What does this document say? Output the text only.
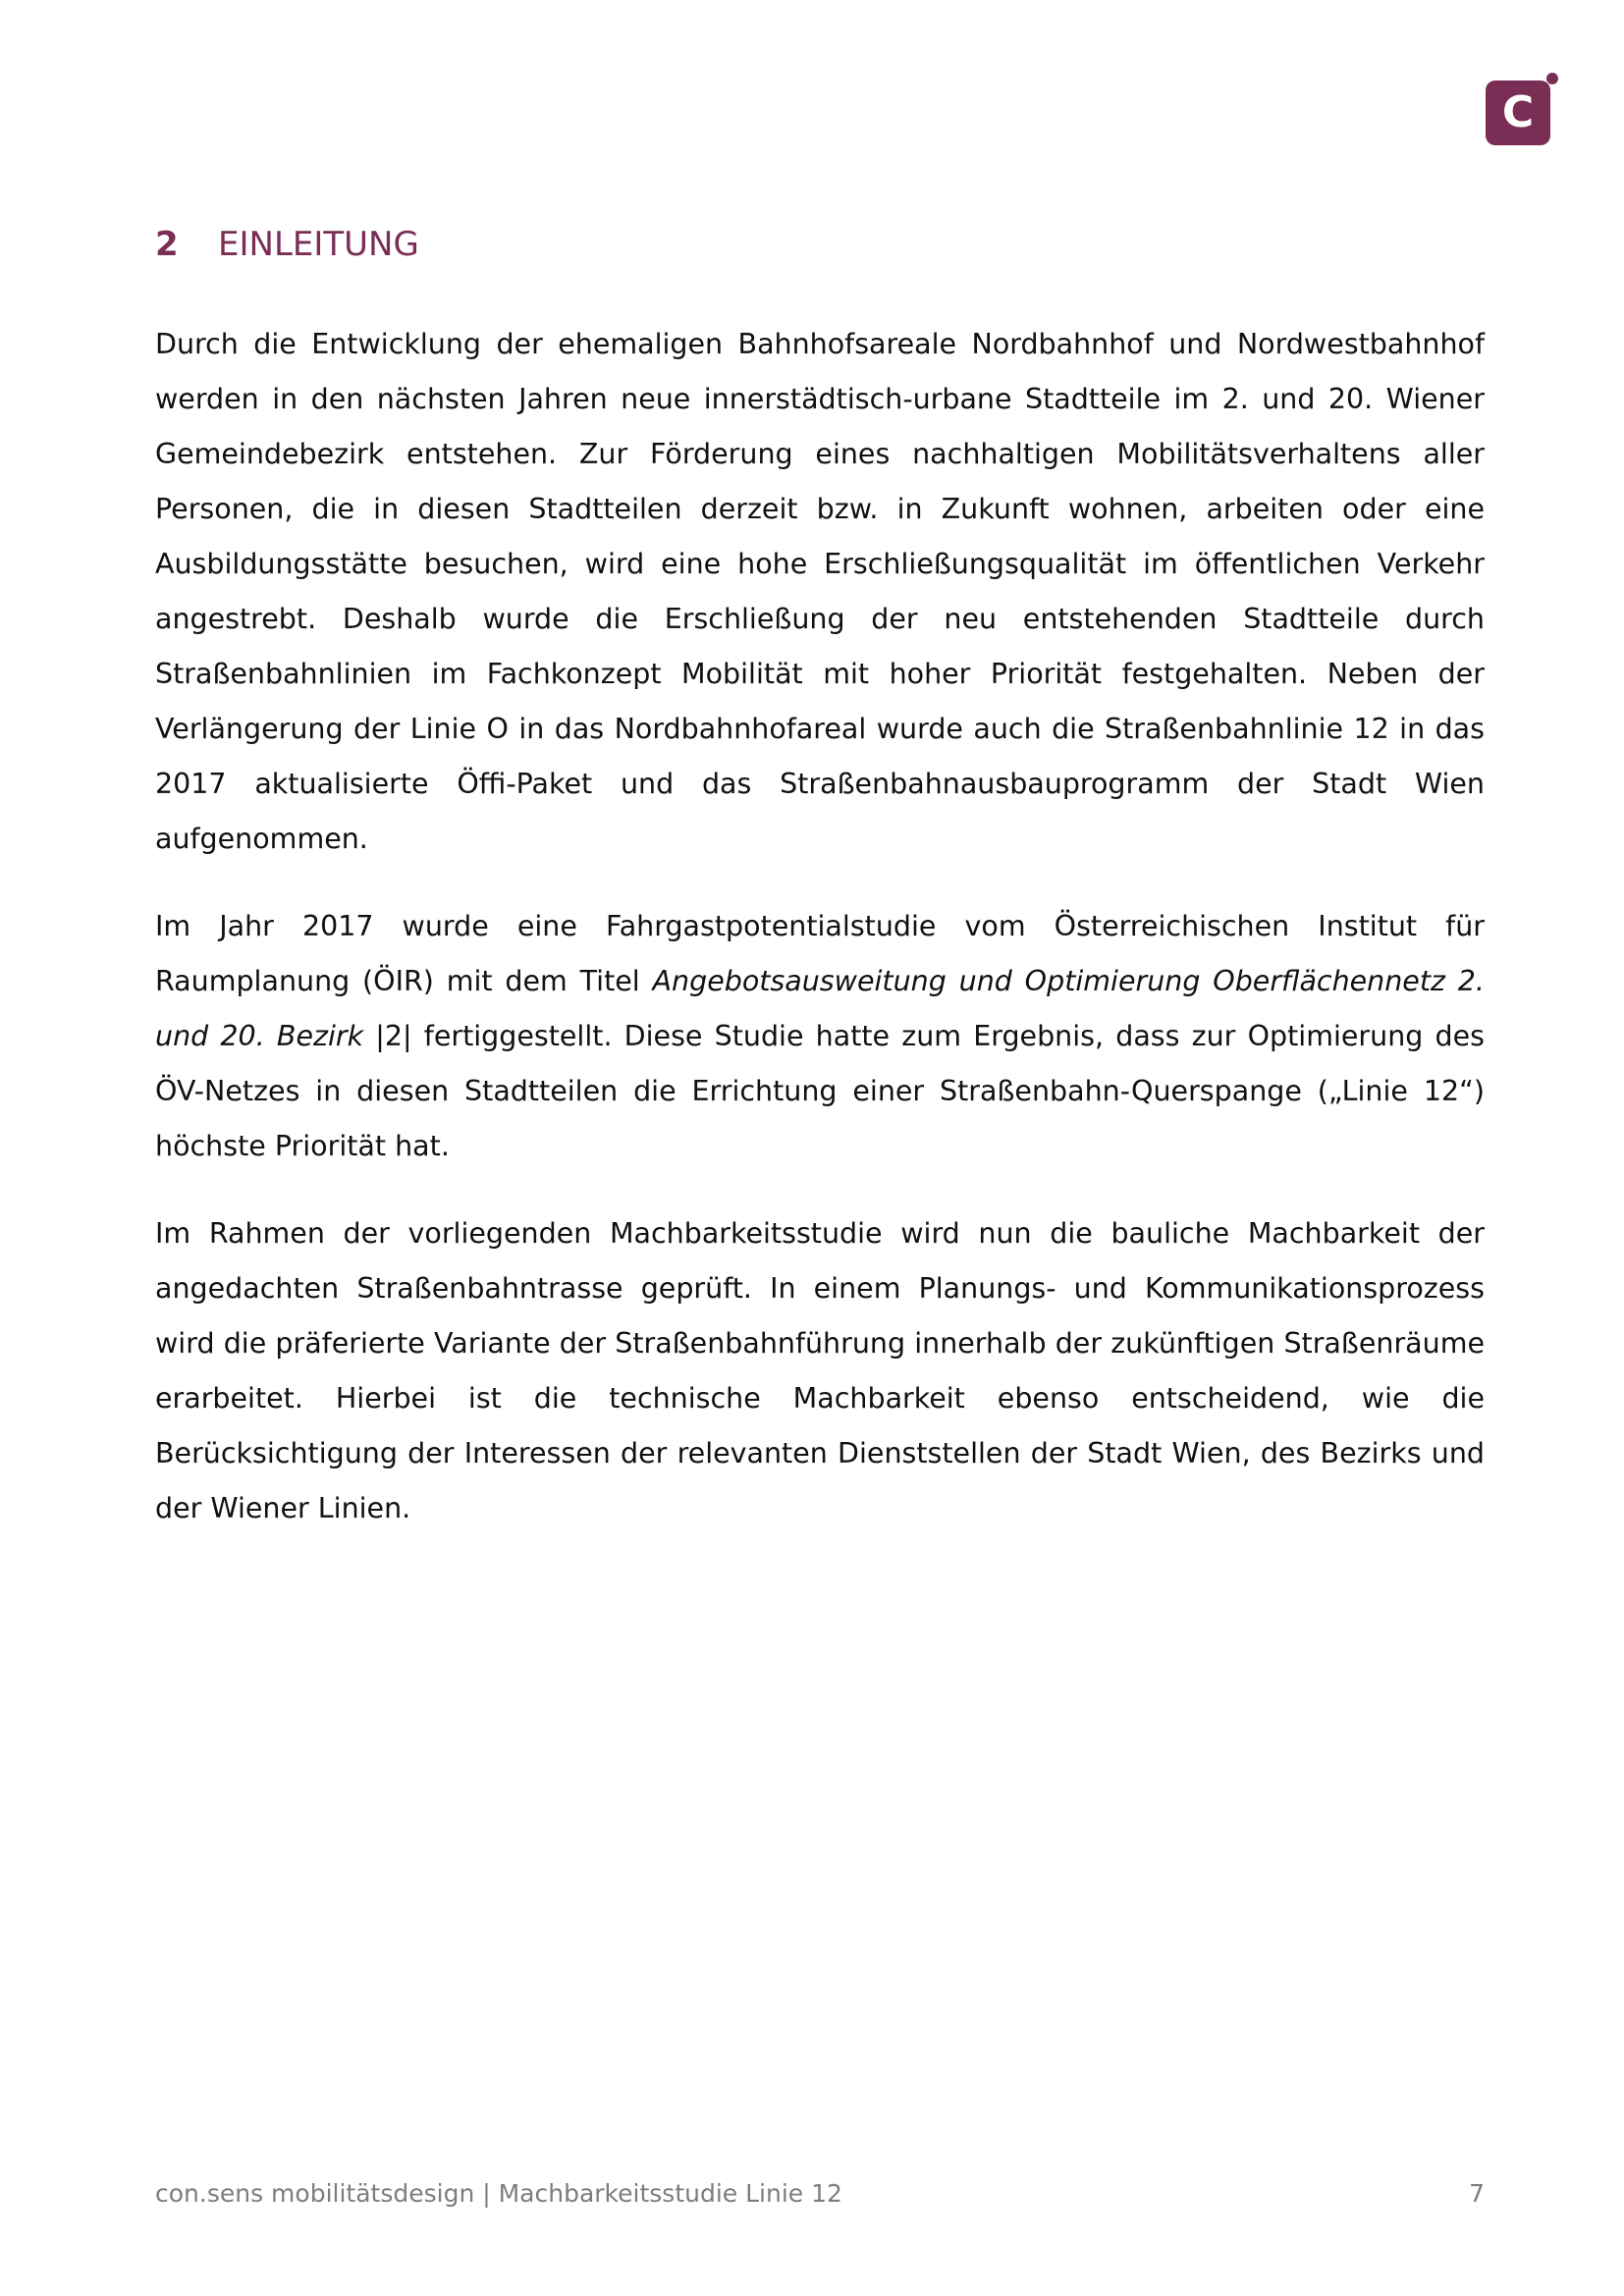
C
2 EINLEITUNG

Durch die Entwicklung der ehemaligen Bahnhofsareale Nordbahnhof und Nordwestbahnhof werden in den nächsten Jahren neue innerstädtisch-urbane Stadtteile im 2. und 20. Wiener Gemeindebezirk entstehen. Zur Förderung eines nachhaltigen Mobilitätsverhaltens aller Personen, die in diesen Stadtteilen derzeit bzw. in Zukunft wohnen, arbeiten oder eine Ausbildungsstätte besuchen, wird eine hohe Erschließungsqualität im öffentlichen Verkehr angestrebt. Deshalb wurde die Erschließung der neu entstehenden Stadtteile durch Straßenbahnlinien im Fachkonzept Mobilität mit hoher Priorität festgehalten. Neben der Verlängerung der Linie O in das Nordbahnhofareal wurde auch die Straßenbahnlinie 12 in das 2017 aktualisierte Öffi-Paket und das Straßenbahnausbauprogramm der Stadt Wien aufgenommen.

Im Jahr 2017 wurde eine Fahrgastpotentialstudie vom Österreichischen Institut für Raumplanung (ÖIR) mit dem Titel Angebotsausweitung und Optimierung Oberflächennetz 2. und 20. Bezirk |2| fertiggestellt. Diese Studie hatte zum Ergebnis, dass zur Optimierung des ÖV-Netzes in diesen Stadtteilen die Errichtung einer Straßenbahn-Querspange („Linie 12“) höchste Priorität hat.

Im Rahmen der vorliegenden Machbarkeitsstudie wird nun die bauliche Machbarkeit der angedachten Straßenbahntrasse geprüft. In einem Planungs- und Kommunikationsprozess wird die präferierte Variante der Straßenbahnführung innerhalb der zukünftigen Straßenräume erarbeitet. Hierbei ist die technische Machbarkeit ebenso entscheidend, wie die Berücksichtigung der Interessen der relevanten Dienststellen der Stadt Wien, des Bezirks und der Wiener Linien.

con.sens mobilitätsdesign | Machbarkeitsstudie Linie 12	7
